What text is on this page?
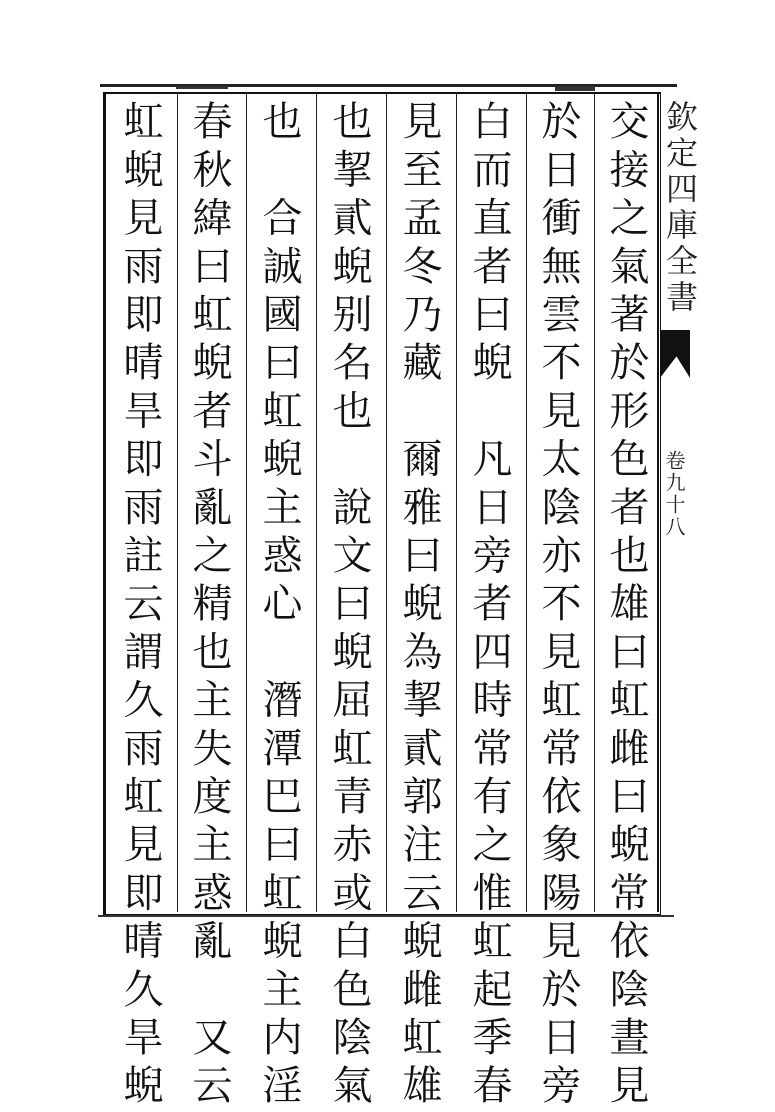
交接之氣著於形色者也雄曰虹雌曰蜺常依陰晝見
於日衝無雲不見太陰亦不見虹常依象陽見於日旁
白而直者曰蜺　凡日旁者四時常有之惟虹起季春
見至孟冬乃藏　爾雅曰蜺為挈貳郭注云蜺雌虹雄
也挈貳蜺别名也　說文曰蜺屈虹青赤或白色陰氣
也　合誠國曰虹蜺主惑心　潛潭巴曰虹蜺主内淫
春秋緯曰虹蜺者斗亂之精也主失度主惑亂　又云
虹蜺見雨即晴旱即雨註云謂久雨虹見即晴久旱蜺	欽定四庫全書
卷九十八
